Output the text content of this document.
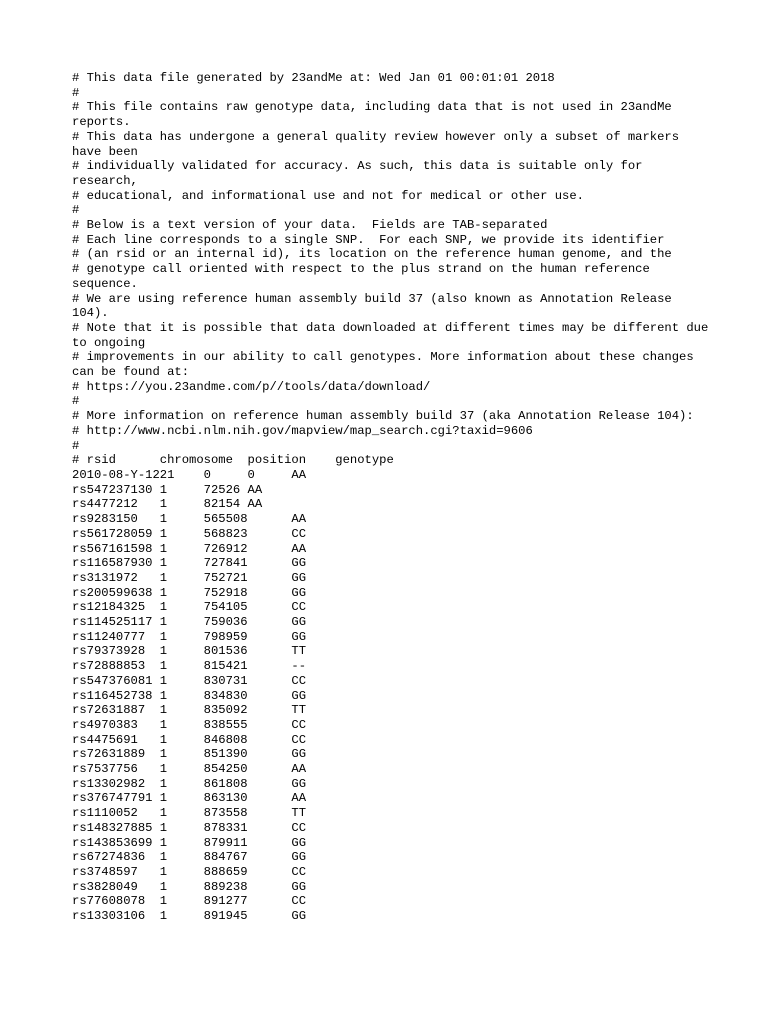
# This data file generated by 23andMe at: Wed Jan 01 00:01:01 2018
#
# This file contains raw genotype data, including data that is not used in 23andMe reports.
# This data has undergone a general quality review however only a subset of markers have been
# individually validated for accuracy. As such, this data is suitable only for research,
# educational, and informational use and not for medical or other use.
#
# Below is a text version of your data.  Fields are TAB-separated
# Each line corresponds to a single SNP.  For each SNP, we provide its identifier
# (an rsid or an internal id), its location on the reference human genome, and the
# genotype call oriented with respect to the plus strand on the human reference sequence.
# We are using reference human assembly build 37 (also known as Annotation Release 104).
# Note that it is possible that data downloaded at different times may be different due to ongoing
# improvements in our ability to call genotypes. More information about these changes can be found at:
# https://you.23andme.com/p//tools/data/download/
#
# More information on reference human assembly build 37 (aka Annotation Release 104):
# http://www.ncbi.nlm.nih.gov/mapview/map_search.cgi?taxid=9606
#
# rsid      chromosome  position    genotype
2010-08-Y-1221    0     0     AA
rs547237130 1     72526 AA
rs4477212   1     82154 AA
rs9283150   1     565508      AA
rs561728059 1     568823      CC
rs567161598 1     726912      AA
rs116587930 1     727841      GG
rs3131972   1     752721      GG
rs200599638 1     752918      GG
rs12184325  1     754105      CC
rs114525117 1     759036      GG
rs11240777  1     798959      GG
rs79373928  1     801536      TT
rs72888853  1     815421      --
rs547376081 1     830731      CC
rs116452738 1     834830      GG
rs72631887  1     835092      TT
rs4970383   1     838555      CC
rs4475691   1     846808      CC
rs72631889  1     851390      GG
rs7537756   1     854250      AA
rs13302982  1     861808      GG
rs376747791 1     863130      AA
rs1110052   1     873558      TT
rs148327885 1     878331      CC
rs143853699 1     879911      GG
rs67274836  1     884767      GG
rs3748597   1     888659      CC
rs3828049   1     889238      GG
rs77608078  1     891277      CC
rs13303106  1     891945      GG
